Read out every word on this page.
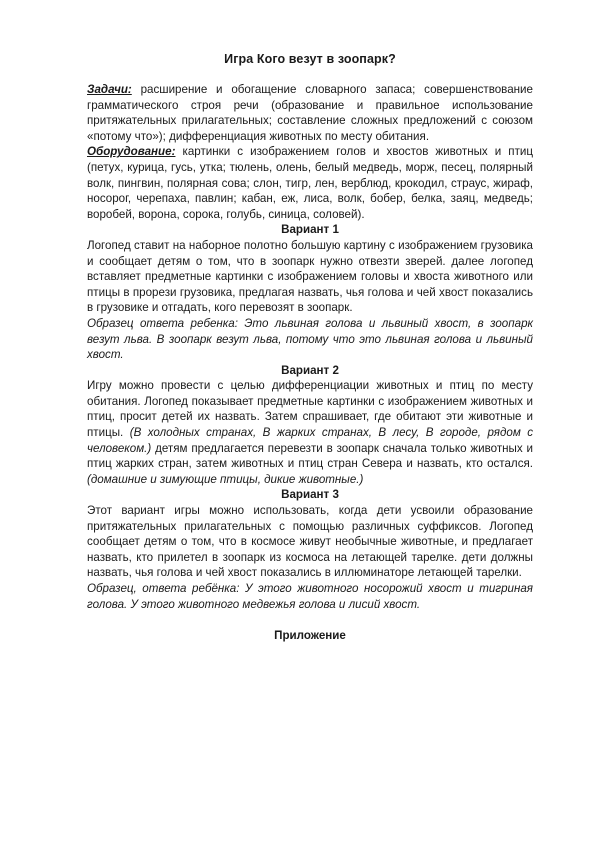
Игра Кого везут в зоопарк?

Задачи: расширение и обогащение словарного запаса; совершенствование грамматического строя речи (образование и правильное использование притяжательных прилагательных; составление сложных предложений с союзом «потому что»); дифференциация животных по месту обитания.

Оборудование: картинки с изображением голов и хвостов животных и птиц (петух, курица, гусь, утка; тюлень, олень, белый медведь, морж, песец, полярный волк, пингвин, полярная сова; слон, тигр, лен, верблюд, крокодил, страус, жираф, носорог, черепаха, павлин; кабан, еж, лиса, волк, бобер, белка, заяц, медведь; воробей, ворона, сорока, голубь, синица, соловей).

Вариант 1

Логопед ставит на наборное полотно большую картину с изображением грузовика и сообщает детям о том, что в зоопарк нужно отвезти зверей. далее логопед вставляет предметные картинки с изображением головы и хвоста животного или птицы в прорези грузовика, предлагая назвать, чья голова и чей хвост показались в грузовике и отгадать, кого перевозят в зоопарк.

Образец ответа ребенка: Это львиная голова и львиный хвост, в зоопарк везут льва. В зоопарк везут льва, потому что это львиная голова и львиный хвост.

Вариант 2

Игру можно провести с целью дифференциации животных и птиц по месту обитания. Логопед показывает предметные картинки с изображением животных и птиц, просит детей их назвать. Затем спрашивает, где обитают эти животные и птицы. (В холодных странах, В жарких странах, В лесу, В городе, рядом с человеком.) детям предлагается перевезти в зоопарк сначала только животных и птиц жарких стран, затем животных и птиц стран Севера и назвать, кто остался. (домашние и зимующие птицы, дикие животные.)

Вариант 3

Этот вариант игры можно использовать, когда дети усвоили образование притяжательных прилагательных с помощью различных суффиксов. Логопед сообщает детям о том, что в космосе живут необычные животные, и предлагает назвать, кто прилетел в зоопарк из космоса на летающей тарелке. дети должны назвать, чья голова и чей хвост показались в иллюминаторе летающей тарелки.

Образец, ответа ребёнка: У этого животного носорожий хвост и тигриная голова. У этого животного медвежья голова и лисий хвост.

Приложение
